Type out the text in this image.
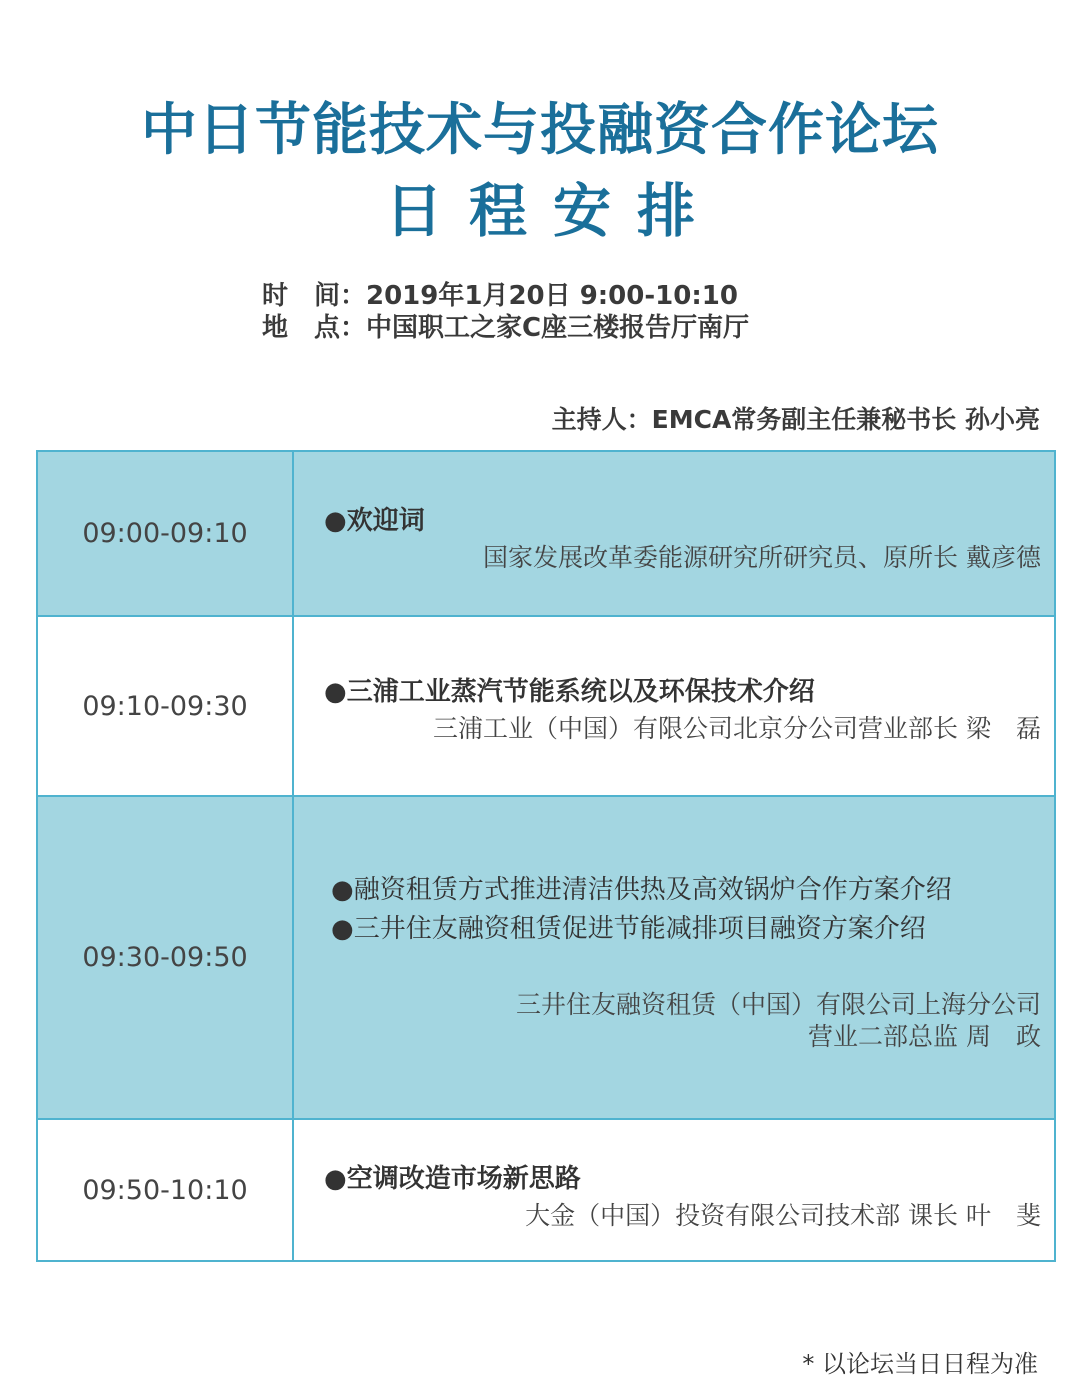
中日节能技术与投融资合作论坛
日程安排
时　间：2019年1月20日 9:00-10:10
地　点：中国职工之家C座三楼报告厅南厅
主持人：EMCA常务副主任兼秘书长 孙小亮
09:00-09:10	●欢迎词
国家发展改革委能源研究所研究员、原所长 戴彦德
09:10-09:30	●三浦工业蒸汽节能系统以及环保技术介绍
三浦工业（中国）有限公司北京分公司营业部长 梁　磊
09:30-09:50
●融资租赁方式推进清洁供热及高效锅炉合作方案介绍
●三井住友融资租赁促进节能减排项目融资方案介绍
三井住友融资租赁（中国）有限公司上海分公司
营业二部总监 周　政
09:50-10:10	●空调改造市场新思路
大金（中国）投资有限公司技术部 课长 叶　斐
* 以论坛当日日程为准
